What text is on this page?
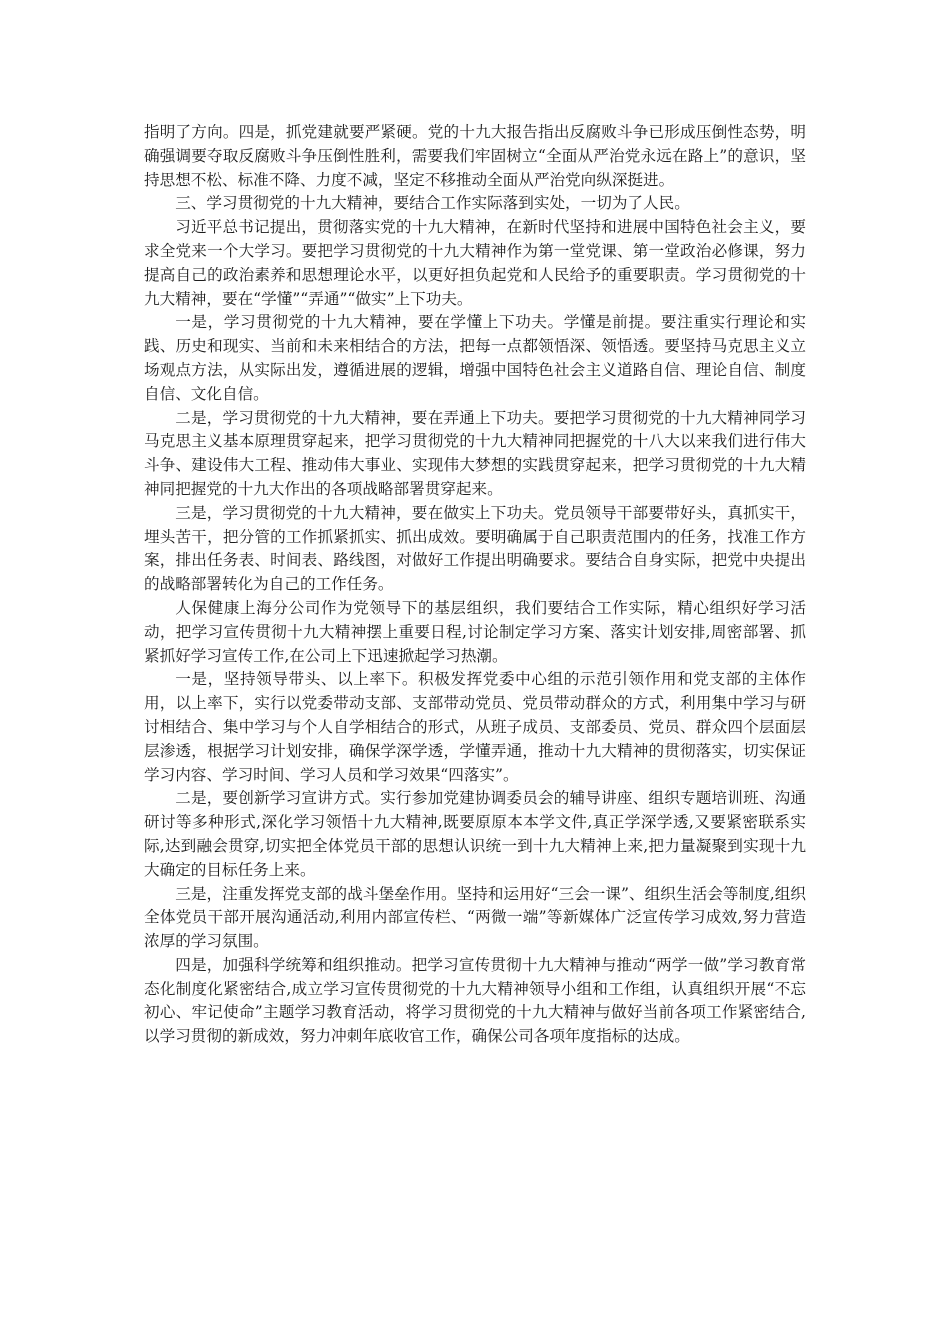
指明了方向。四是，抓党建就要严紧硬。党的十九大报告指出反腐败斗争已形成压倒性态势，明确强调要夺取反腐败斗争压倒性胜利，需要我们牢固树立“全面从严治党永远在路上”的意识，坚持思想不松、标准不降、力度不减，坚定不移推动全面从严治党向纵深挺进。

三、学习贯彻党的十九大精神，要结合工作实际落到实处，一切为了人民。

习近平总书记提出，贯彻落实党的十九大精神，在新时代坚持和进展中国特色社会主义，要求全党来一个大学习。要把学习贯彻党的十九大精神作为第一堂党课、第一堂政治必修课，努力提高自己的政治素养和思想理论水平，以更好担负起党和人民给予的重要职责。学习贯彻党的十九大精神，要在“学懂”“弄通”“做实”上下功夫。

一是，学习贯彻党的十九大精神，要在学懂上下功夫。学懂是前提。要注重实行理论和实践、历史和现实、当前和未来相结合的方法，把每一点都领悟深、领悟透。要坚持马克思主义立场观点方法，从实际出发，遵循进展的逻辑，增强中国特色社会主义道路自信、理论自信、制度自信、文化自信。

二是，学习贯彻党的十九大精神，要在弄通上下功夫。要把学习贯彻党的十九大精神同学习马克思主义基本原理贯穿起来，把学习贯彻党的十九大精神同把握党的十八大以来我们进行伟大斗争、建设伟大工程、推动伟大事业、实现伟大梦想的实践贯穿起来，把学习贯彻党的十九大精神同把握党的十九大作出的各项战略部署贯穿起来。

三是，学习贯彻党的十九大精神，要在做实上下功夫。党员领导干部要带好头，真抓实干，埋头苦干，把分管的工作抓紧抓实、抓出成效。要明确属于自己职责范围内的任务，找准工作方案，排出任务表、时间表、路线图，对做好工作提出明确要求。要结合自身实际，把党中央提出的战略部署转化为自己的工作任务。

人保健康上海分公司作为党领导下的基层组织，我们要结合工作实际，精心组织好学习活动，把学习宣传贯彻十九大精神摆上重要日程,讨论制定学习方案、落实计划安排,周密部署、抓紧抓好学习宣传工作,在公司上下迅速掀起学习热潮。

一是，坚持领导带头、以上率下。积极发挥党委中心组的示范引领作用和党支部的主体作用，以上率下，实行以党委带动支部、支部带动党员、党员带动群众的方式，利用集中学习与研讨相结合、集中学习与个人自学相结合的形式，从班子成员、支部委员、党员、群众四个层面层层渗透，根据学习计划安排，确保学深学透，学懂弄通，推动十九大精神的贯彻落实，切实保证学习内容、学习时间、学习人员和学习效果“四落实”。

二是，要创新学习宣讲方式。实行参加党建协调委员会的辅导讲座、组织专题培训班、沟通研讨等多种形式,深化学习领悟十九大精神,既要原原本本学文件,真正学深学透,又要紧密联系实际,达到融会贯穿,切实把全体党员干部的思想认识统一到十九大精神上来,把力量凝聚到实现十九大确定的目标任务上来。

三是，注重发挥党支部的战斗堡垒作用。坚持和运用好“三会一课”、组织生活会等制度,组织全体党员干部开展沟通活动,利用内部宣传栏、“两微一端”等新媒体广泛宣传学习成效,努力营造浓厚的学习氛围。

四是，加强科学统筹和组织推动。把学习宣传贯彻十九大精神与推动“两学一做”学习教育常态化制度化紧密结合,成立学习宣传贯彻党的十九大精神领导小组和工作组，认真组织开展“不忘初心、牢记使命”主题学习教育活动，将学习贯彻党的十九大精神与做好当前各项工作紧密结合,以学习贯彻的新成效，努力冲刺年底收官工作，确保公司各项年度指标的达成。
